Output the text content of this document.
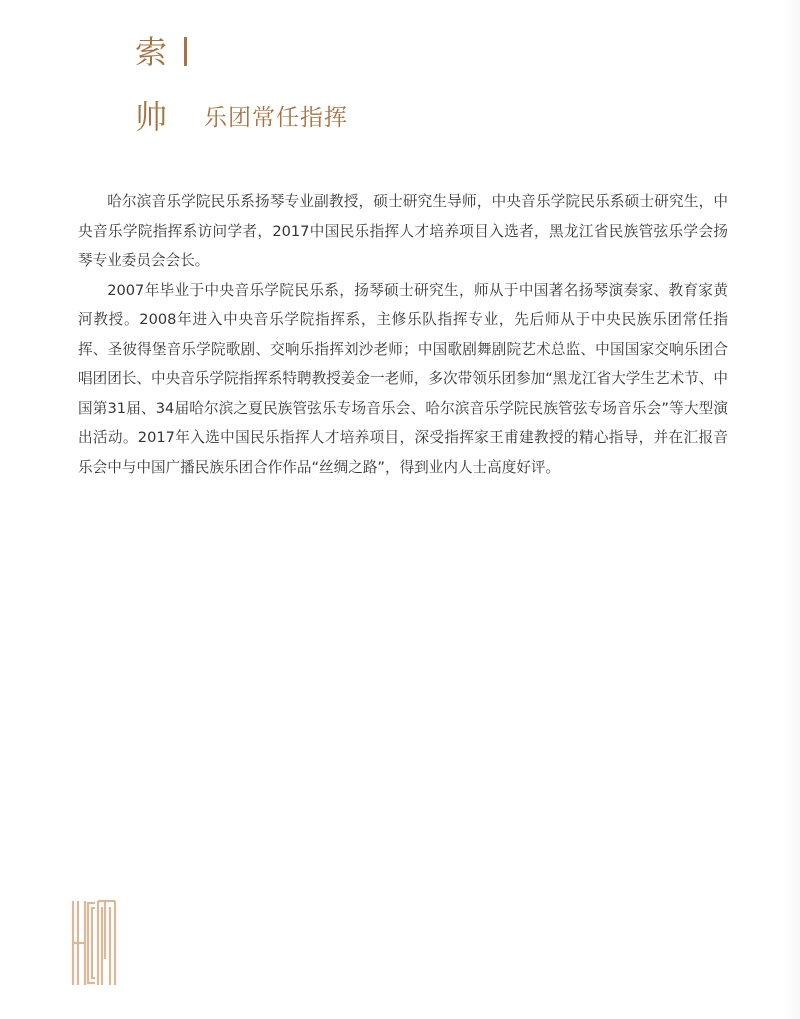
索
帅 乐团常任指挥

哈尔滨音乐学院民乐系扬琴专业副教授，硕士研究生导师，中央音乐学院民乐系硕士研究生，中央音乐学院指挥系访问学者，2017中国民乐指挥人才培养项目入选者，黑龙江省民族管弦乐学会扬琴专业委员会会长。

2007年毕业于中央音乐学院民乐系，扬琴硕士研究生，师从于中国著名扬琴演奏家、教育家黄河教授。2008年进入中央音乐学院指挥系，主修乐队指挥专业，先后师从于中央民族乐团常任指挥、圣彼得堡音乐学院歌剧、交响乐指挥刘沙老师；中国歌剧舞剧院艺术总监、中国国家交响乐团合唱团团长、中央音乐学院指挥系特聘教授姜金一老师，多次带领乐团参加“黑龙江省大学生艺术节、中国第31届、34届哈尔滨之夏民族管弦乐专场音乐会、哈尔滨音乐学院民族管弦专场音乐会”等大型演出活动。2017年入选中国民乐指挥人才培养项目，深受指挥家王甫建教授的精心指导，并在汇报音乐会中与中国广播民族乐团合作作品“丝绸之路”，得到业内人士高度好评。
